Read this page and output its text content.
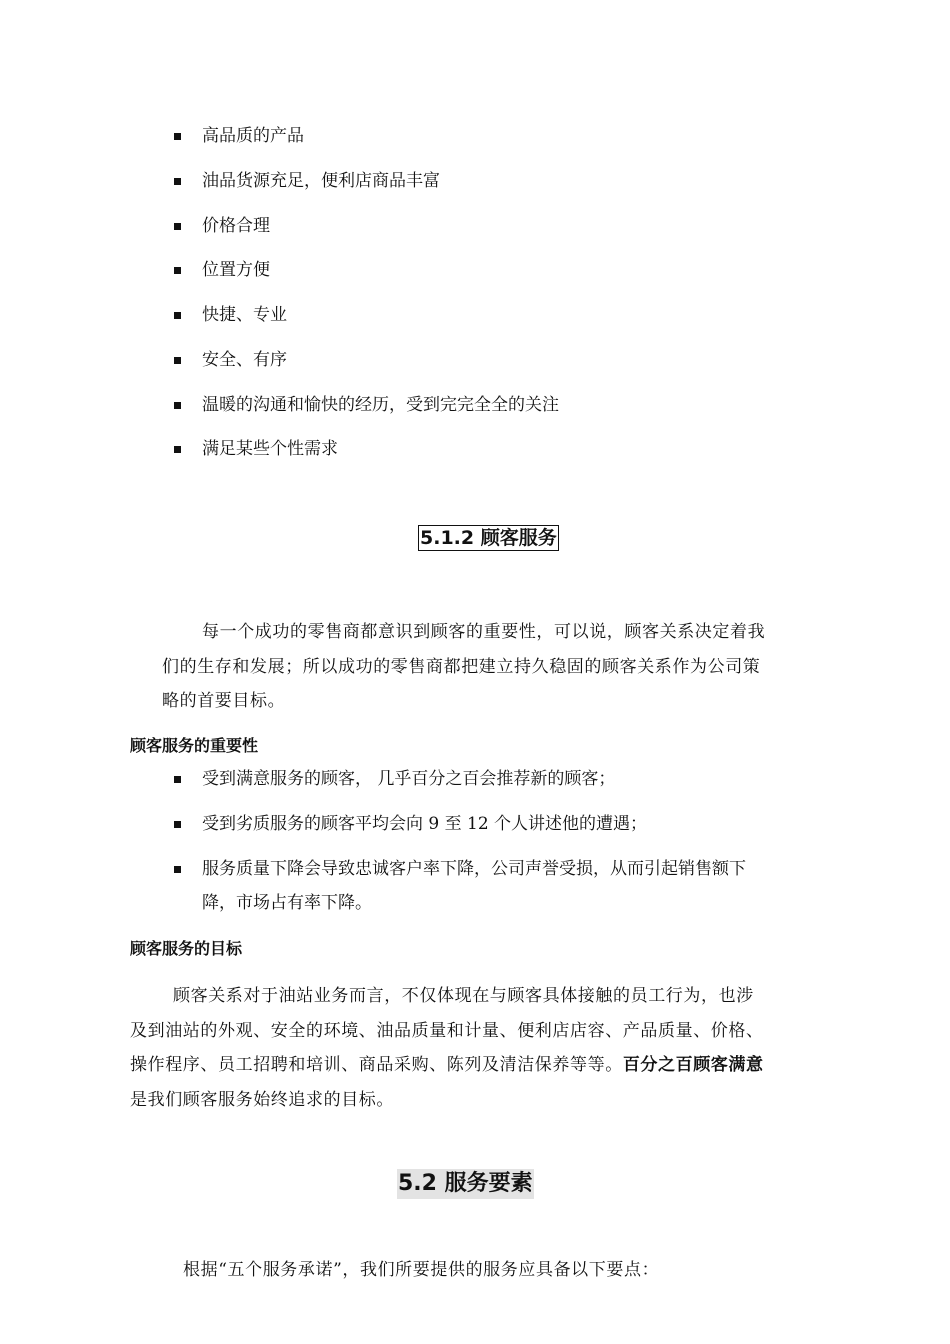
高品质的产品
油品货源充足，便利店商品丰富
价格合理
位置方便
快捷、专业
安全、有序
温暖的沟通和愉快的经历，受到完完全全的关注
满足某些个性需求
5.1.2 顾客服务
每一个成功的零售商都意识到顾客的重要性，可以说，顾客关系决定着我
们的生存和发展；所以成功的零售商都把建立持久稳固的顾客关系作为公司策
略的首要目标。
顾客服务的重要性
受到满意服务的顾客， 几乎百分之百会推荐新的顾客；
受到劣质服务的顾客平均会向 9 至 12 个人讲述他的遭遇；
服务质量下降会导致忠诚客户率下降，公司声誉受损，从而引起销售额下
降，市场占有率下降。
顾客服务的目标
顾客关系对于油站业务而言，不仅体现在与顾客具体接触的员工行为，也涉
及到油站的外观、安全的环境、油品质量和计量、便利店店容、产品质量、价格、
操作程序、员工招聘和培训、商品采购、陈列及清洁保养等等。百分之百顾客满意
是我们顾客服务始终追求的目标。
5.2 服务要素
根据“五个服务承诺”，我们所要提供的服务应具备以下要点：
